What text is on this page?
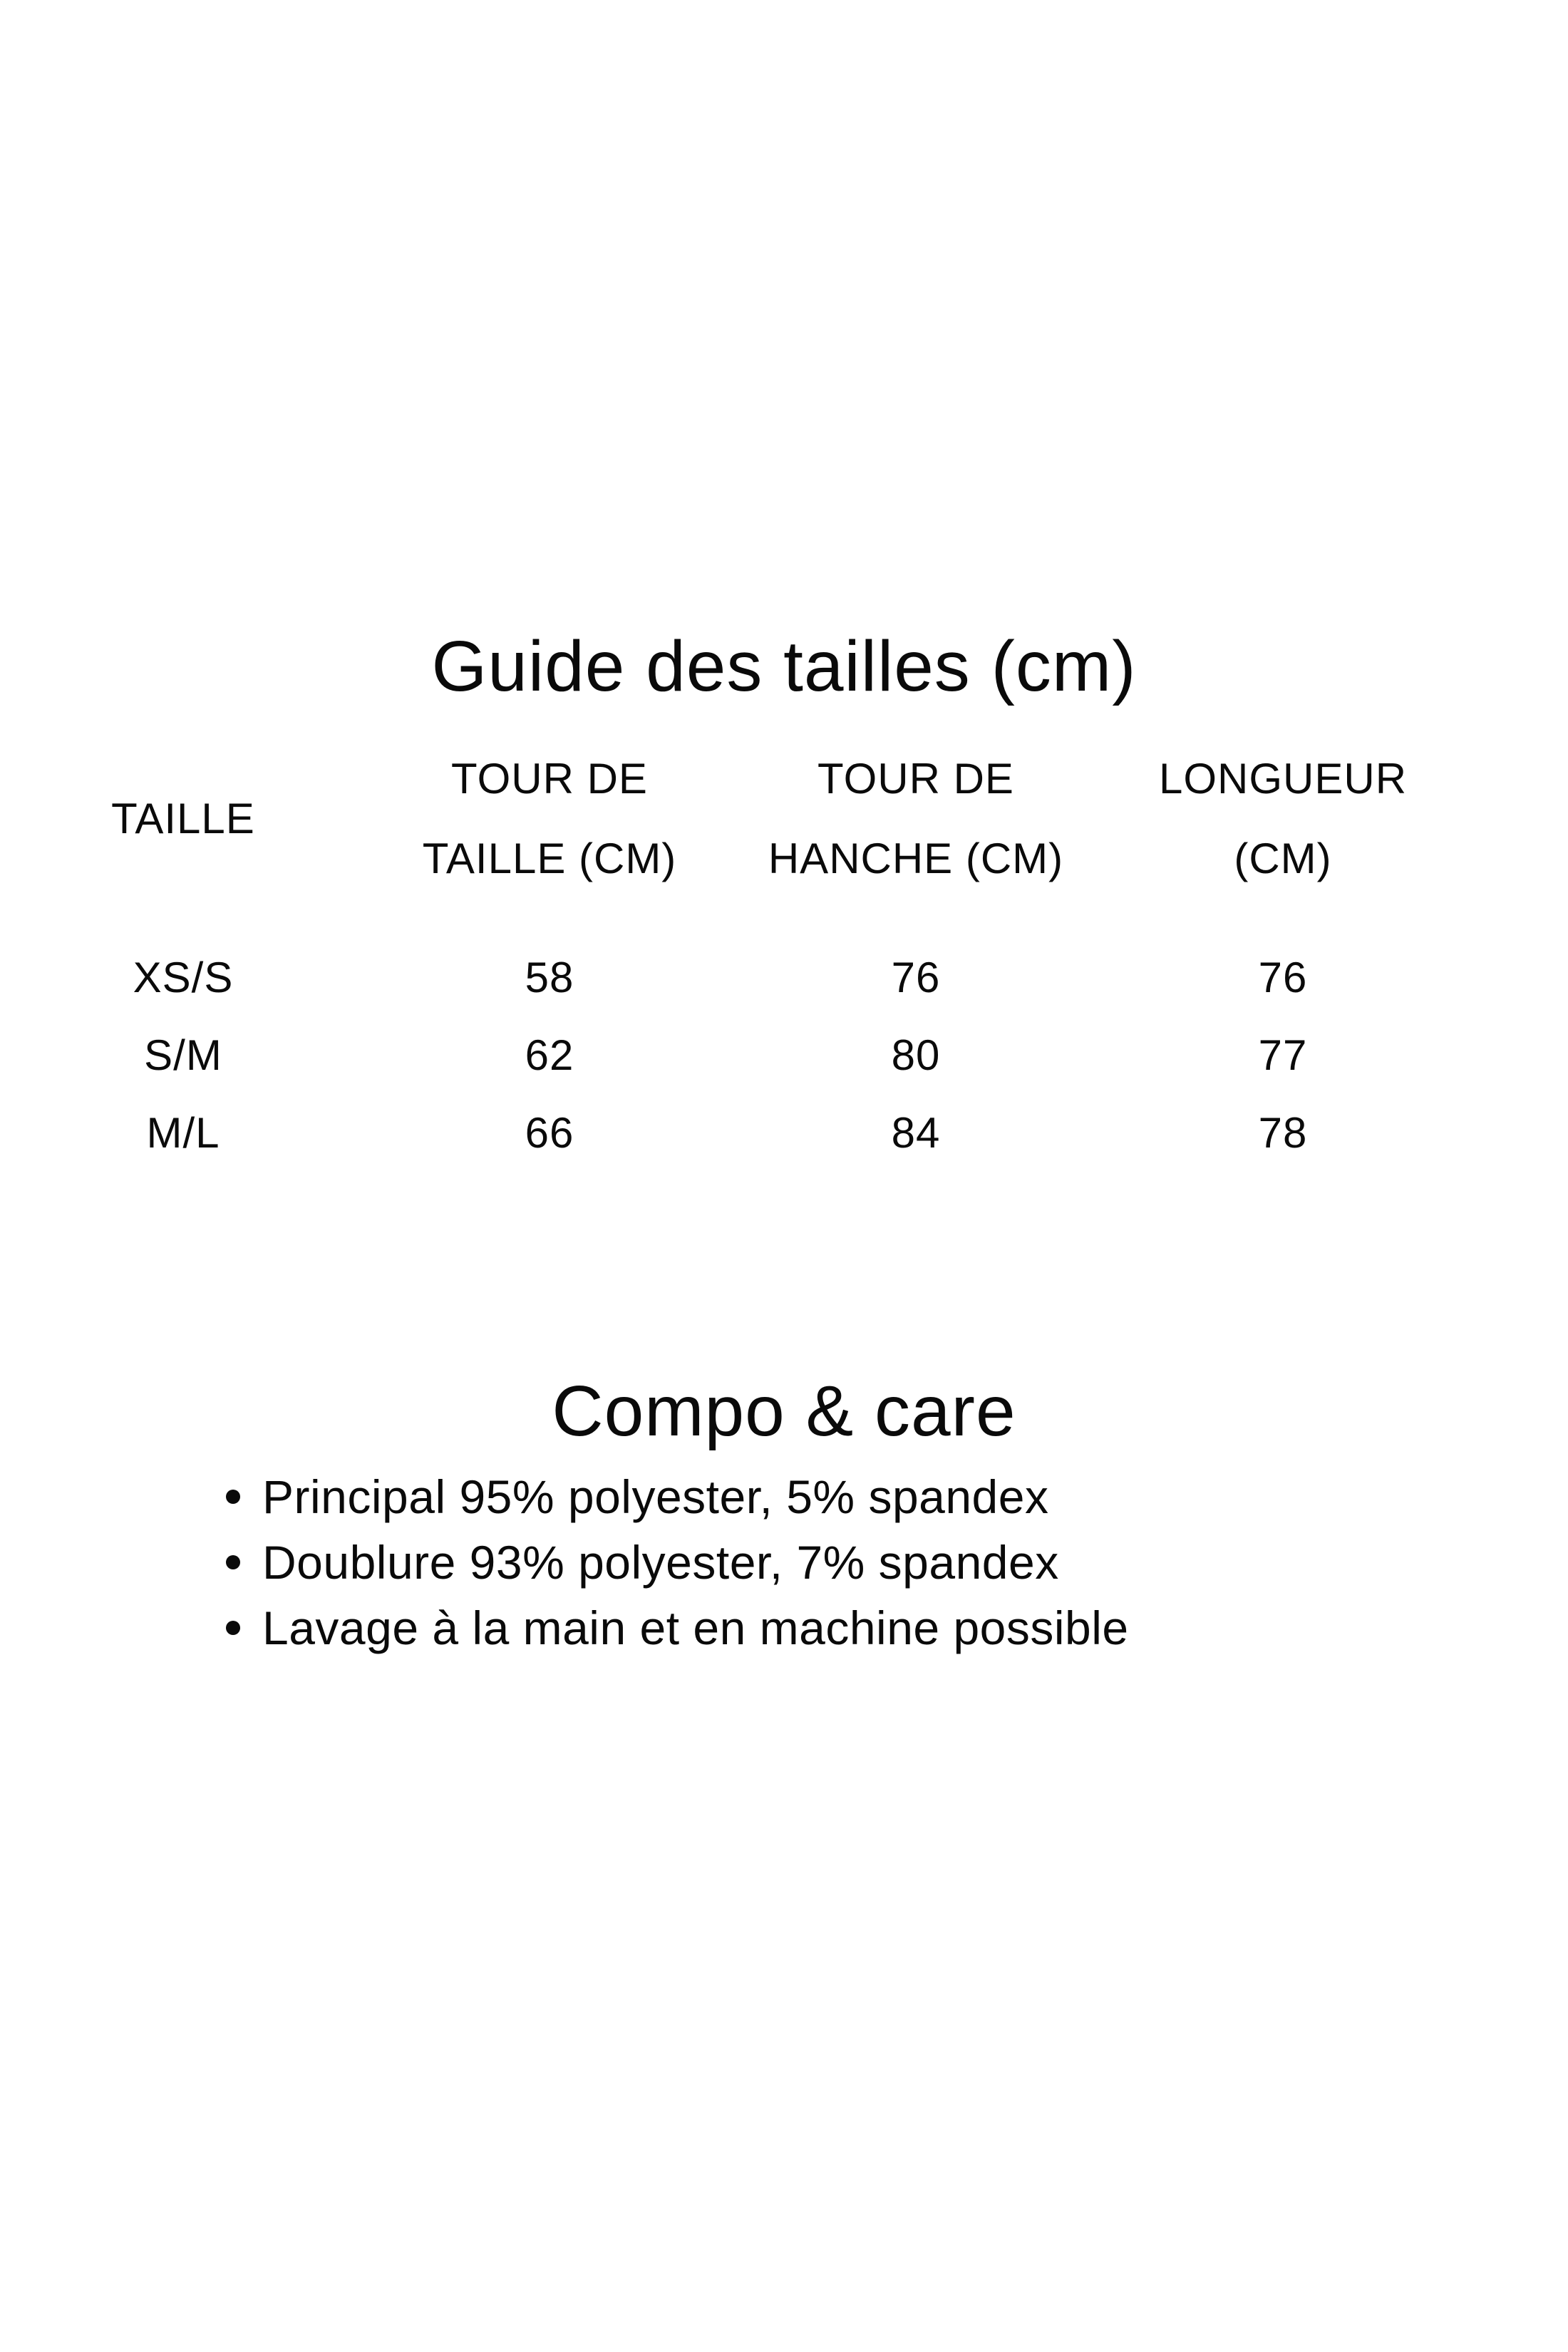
Guide des tailles (cm)
TAILLE
TOUR DE
TAILLE (CM)
TOUR DE
HANCHE (CM)
LONGUEUR
(CM)
XS/S
S/M
M/L
58
62
66
76
80
84
76
77
78
Compo & care
Principal 95% polyester, 5% spandex
Doublure 93% polyester, 7% spandex
Lavage à la main et en machine possible
